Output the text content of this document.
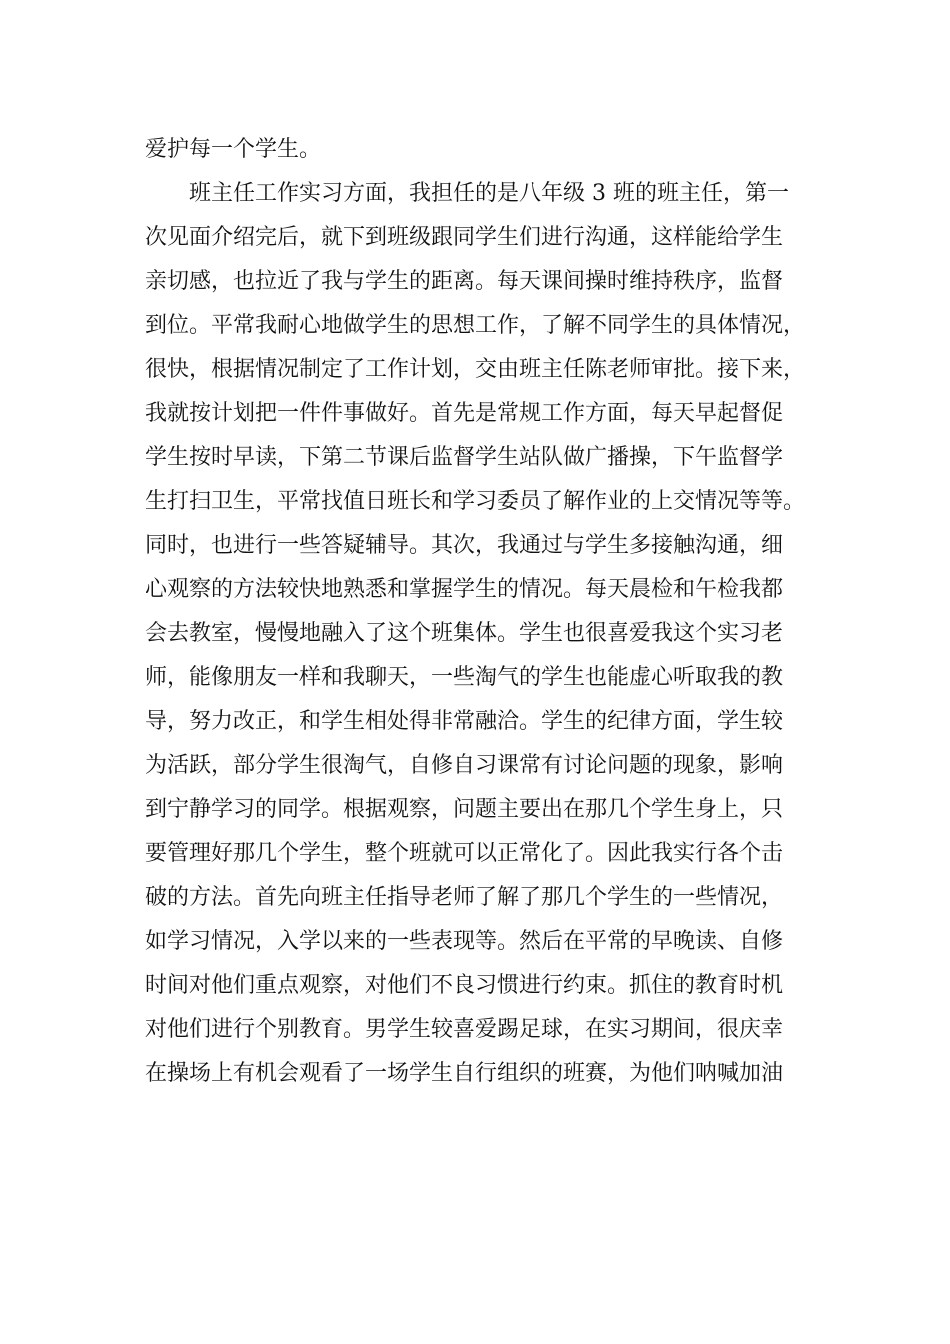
爱护每一个学生。
　　班主任工作实习方面，我担任的是八年级 3 班的班主任，第一
次见面介绍完后，就下到班级跟同学生们进行沟通，这样能给学生
亲切感，也拉近了我与学生的距离。每天课间操时维持秩序，监督
到位。平常我耐心地做学生的思想工作，了解不同学生的具体情况，
很快，根据情况制定了工作计划，交由班主任陈老师审批。接下来，
我就按计划把一件件事做好。首先是常规工作方面，每天早起督促
学生按时早读，下第二节课后监督学生站队做广播操，下午监督学
生打扫卫生，平常找值日班长和学习委员了解作业的上交情况等等。
同时，也进行一些答疑辅导。其次，我通过与学生多接触沟通，细
心观察的方法较快地熟悉和掌握学生的情况。每天晨检和午检我都
会去教室，慢慢地融入了这个班集体。学生也很喜爱我这个实习老
师，能像朋友一样和我聊天，一些淘气的学生也能虚心听取我的教
导，努力改正，和学生相处得非常融洽。学生的纪律方面，学生较
为活跃，部分学生很淘气，自修自习课常有讨论问题的现象，影响
到宁静学习的同学。根据观察，问题主要出在那几个学生身上，只
要管理好那几个学生，整个班就可以正常化了。因此我实行各个击
破的方法。首先向班主任指导老师了解了那几个学生的一些情况，
如学习情况，入学以来的一些表现等。然后在平常的早晚读、自修
时间对他们重点观察，对他们不良习惯进行约束。抓住的教育时机
对他们进行个别教育。男学生较喜爱踢足球，在实习期间，很庆幸
在操场上有机会观看了一场学生自行组织的班赛，为他们呐喊加油
